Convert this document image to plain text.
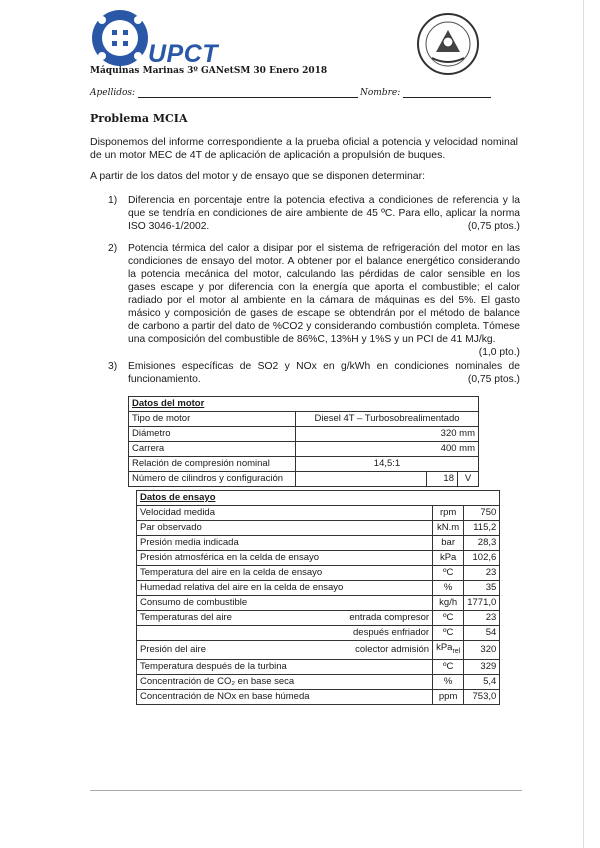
UPCT
Máquinas Marinas 3º GANetSM 30 Enero 2018
Apellidos:	Nombre:
Problema MCIA
Disponemos del informe correspondiente a la prueba oficial a potencia y velocidad nominal de un motor MEC de 4T de aplicación de aplicación a propulsión de buques.
A partir de los datos del motor y de ensayo que se disponen determinar:
1) Diferencia en porcentaje entre la potencia efectiva a condiciones de referencia y la que se tendría en condiciones de aire ambiente de 45 ºC. Para ello, aplicar la norma ISO 3046-1/2002.	(0,75 ptos.)
2) Potencia térmica del calor a disipar por el sistema de refrigeración del motor en las condiciones de ensayo del motor. A obtener por el balance energético considerando la potencia mecánica del motor, calculando las pérdidas de calor sensible en los gases escape y por diferencia con la energía que aporta el combustible; el calor radiado por el motor al ambiente en la cámara de máquinas es del 5%. El gasto másico y composición de gases de escape se obtendrán por el método de balance de carbono a partir del dato de %CO2 y considerando combustión completa. Tómese una composición del combustible de 86%C, 13%H y 1%S y un PCI de 41 MJ/kg.
(1,0 pto.)
3) Emisiones específicas de SO2 y NOx en g/kWh en condiciones nominales de funcionamiento.	(0,75 ptos.)
Datos del motor			
Tipo de motor	Diesel 4T – Turbosobrealimentado		
Diámetro	320 mm		
Carrera	400 mm		
Relación de compresión nominal	14,5:1		
Número de cilindros y configuración		18	V
Datos de ensayo			
Velocidad medida		rpm	750
Par observado		kN.m	115,2
Presión media indicada		bar	28,3
Presión atmosférica en la celda de ensayo		kPa	102,6
Temperatura del aire en la celda de ensayo		ºC	23
Humedad relativa del aire en la celda de ensayo		%	35
Consumo de combustible		kg/h	1771,0
Temperaturas del aire	entrada compresor	ºC	23
	después enfriador	ºC	54
Presión del aire	colector admisión	kPa$_{rel}$	320
Temperatura después de la turbina		ºC	329
Concentración de CO₂ en base seca		%	5,4
Concentración de NOx en base húmeda		ppm	753,0
